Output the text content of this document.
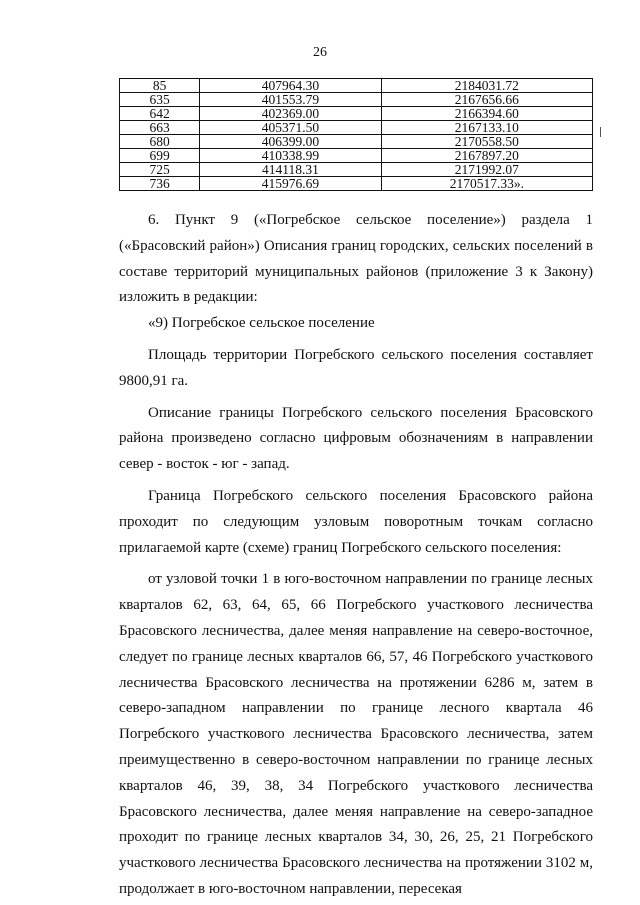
26
85	407964.30	2184031.72
635	401553.79	2167656.66
642	402369.00	2166394.60
663	405371.50	2167133.10
680	406399.00	2170558.50
699	410338.99	2167897.20
725	414118.31	2171992.07
736	415976.69	2170517.33».

6. Пункт 9 («Погребское сельское поселение») раздела 1 («Брасовский район») Описания границ городских, сельских поселений в составе территорий муниципальных районов (приложение 3 к Закону) изложить в редакции:

«9) Погребское сельское поселение

Площадь территории Погребского сельского поселения составляет 9800,91 га.

Описание границы Погребского сельского поселения Брасовского района произведено согласно цифровым обозначениям в направлении север - восток - юг - запад.

Граница Погребского сельского поселения Брасовского района проходит по следующим узловым поворотным точкам согласно прилагаемой карте (схеме) границ Погребского сельского поселения:

от узловой точки 1 в юго-восточном направлении по границе лесных кварталов 62, 63, 64, 65, 66 Погребского участкового лесничества Брасовского лесничества, далее меняя направление на северо-восточное, следует по границе лесных кварталов 66, 57, 46 Погребского участкового лесничества Брасовского лесничества на протяжении 6286 м, затем в северо-западном направлении по границе лесного квартала 46 Погребского участкового лесничества Брасовского лесничества, затем преимущественно в северо-восточном направлении по границе лесных кварталов 46, 39, 38, 34 Погребского участкового лесничества Брасовского лесничества, далее меняя направление на северо-западное проходит по границе лесных кварталов 34, 30, 26, 25, 21 Погребского участкового лесничества Брасовского лесничества на протяжении 3102 м, продолжает в юго-восточном направлении, пересекая
